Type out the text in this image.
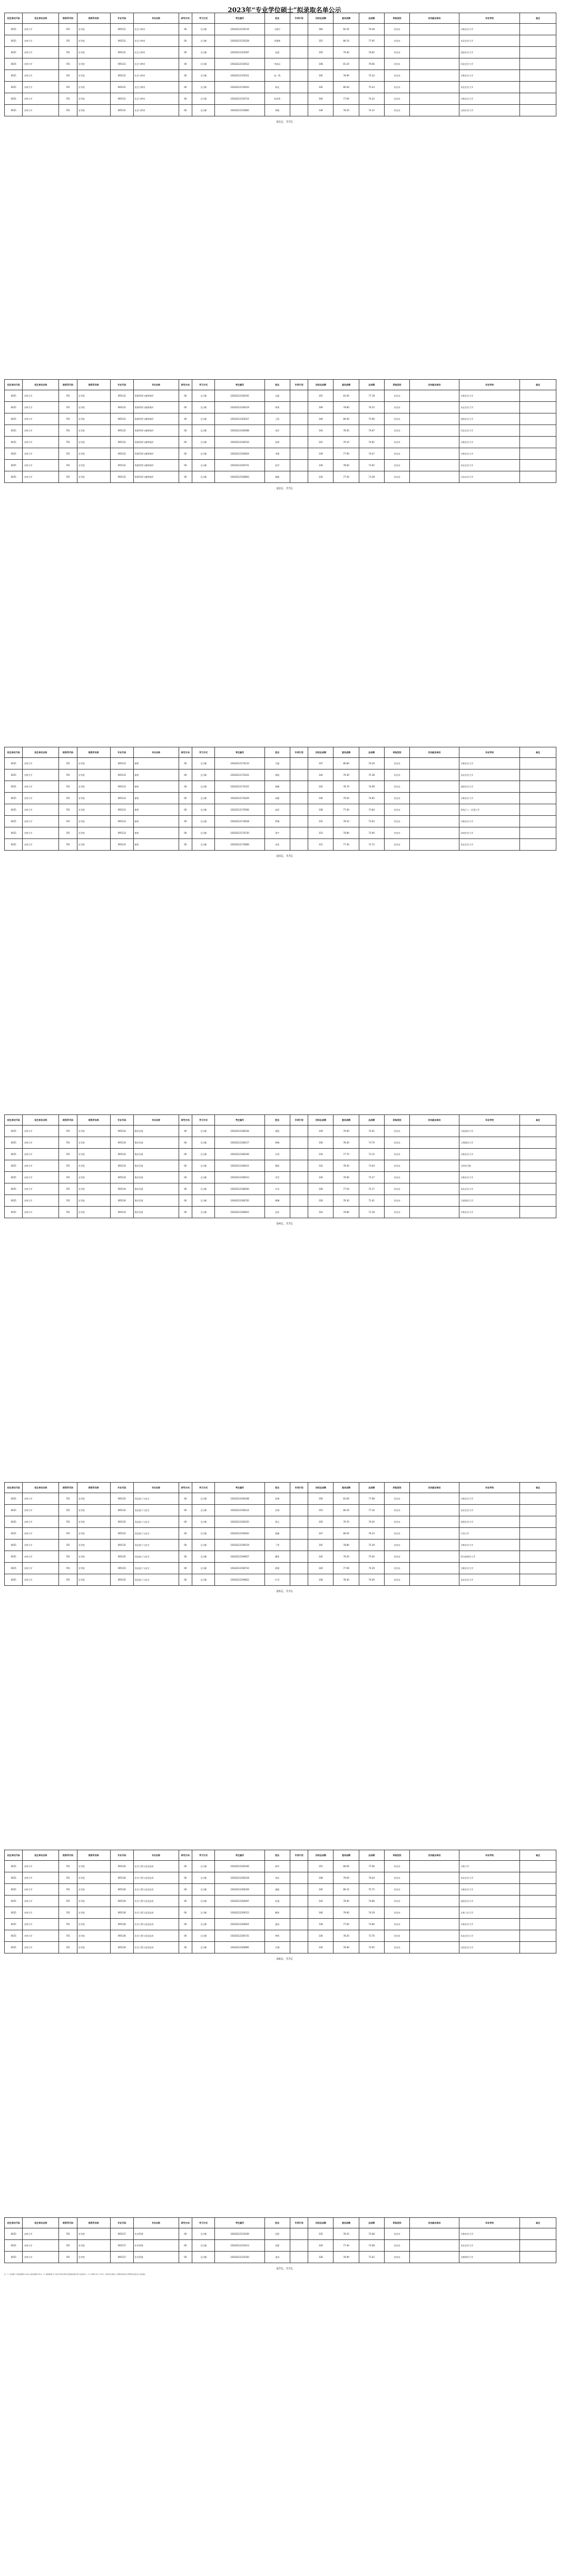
2023年“专业学位硕士”拟录取名单公示
招生单位代码	招生单位名称	院系所代码	院系所名称	专业代码	专业名称	研究方向	学习方式	考生编号	姓名	专项计划	初试总成绩	复试成绩	总成绩	录取类别	定向就业单位	毕业学校	备注
0025	吉林大学	701	农学院	095131	农艺与种业	00	全日制	10183212150116	王晓宇		360	82.50	79.38	非定向		吉林农业大学	
0025	吉林大学	701	农学院	095131	农艺与种业	00	全日制	10183212150228	刘建新		355	80.10	77.95	非定向		东北农业大学	
0025	吉林大学	701	农学院	095131	农艺与种业	00	全日制	10183212150307	张晨		350	79.40	76.82	非定向		沈阳农业大学	
0025	吉林大学	701	农学院	095131	农艺与种业	00	全日制	10183212150412	李思远		348	81.20	76.66	非定向		河北农业大学	
0025	吉林大学	701	农学院	095131	农艺与种业	00	全日制	10183212150521	赵一鸣		345	78.90	75.43	非定向		吉林农业大学	
0025	吉林大学	701	农学院	095131	农艺与种业	00	全日制	10183212150633	陈佳		342	80.00	75.24	非定向		东北农业大学	
0025	吉林大学	701	农学院	095131	农艺与种业	00	全日制	10183212150714	孙浩然		340	77.60	74.32	非定向		吉林农业大学	
0025	吉林大学	701	农学院	095131	农艺与种业	00	全日制	10183212150802	周敏		338	78.20	74.12	非定向		山西农业大学	
第1页，共7页
招生单位代码	招生单位名称	院系所代码	院系所名称	专业代码	专业名称	研究方向	学习方式	考生编号	姓名	专项计划	初试总成绩	复试成绩	总成绩	录取类别	定向就业单位	毕业学校	备注
0025	吉林大学	701	农学院	095132	资源利用与植物保护	00	全日制	10183212160105	吴磊		352	81.00	77.18	非定向		吉林农业大学	
0025	吉林大学	701	农学院	095132	资源利用与植物保护	00	全日制	10183212160219	郑爽		349	79.80	76.25	非定向		东北农业大学	
0025	吉林大学	701	农学院	095132	资源利用与植物保护	00	全日制	10183212160327	王欣		346	80.40	75.96	非定向		沈阳农业大学	
0025	吉林大学	701	农学院	095132	资源利用与植物保护	00	全日制	10183212160408	刘洋		343	78.50	74.87	非定向		河北农业大学	
0025	吉林大学	701	农学院	095132	资源利用与植物保护	00	全日制	10183212160516	张婷		341	79.10	74.81	非定向		吉林农业大学	
0025	吉林大学	701	农学院	095132	资源利用与植物保护	00	全日制	10183212160624	李强		339	77.90	74.07	非定向		吉林农业大学	
0025	吉林大学	701	农学院	095132	资源利用与植物保护	00	全日制	10183212160731	赵雪		336	78.60	73.92	非定向		东北农业大学	
0025	吉林大学	701	农学院	095132	资源利用与植物保护	00	全日制	10183212160803	杨帆		334	77.20	73.28	非定向		山东农业大学	
第2页，共7页
招生单位代码	招生单位名称	院系所代码	院系所名称	专业代码	专业名称	研究方向	学习方式	考生编号	姓名	专项计划	初试总成绩	复试成绩	总成绩	录取类别	定向就业单位	毕业学校	备注
0025	吉林大学	701	农学院	095133	畜牧	00	全日制	10183212170110	马超		347	80.80	76.30	非定向		吉林农业大学	
0025	吉林大学	701	农学院	095133	畜牧	00	全日制	10183212170222	黄丽		344	79.30	75.38	非定向		东北农业大学	
0025	吉林大学	701	农学院	095133	畜牧	00	全日制	10183212170315	林峰		342	78.70	74.96	非定向		沈阳农业大学	
0025	吉林大学	701	农学院	095133	畜牧	00	全日制	10183212170429	何静		340	79.50	74.85	非定向		吉林农业大学	
0025	吉林大学	701	农学院	095133	畜牧	00	全日制	10183212170506	高原		338	77.40	73.84	非定向		黑龙江八一农垦大学	
0025	吉林大学	701	农学院	095133	畜牧	00	全日制	10183212170618	罗娜		335	78.10	73.63	非定向		吉林农业大学	
0025	吉林大学	701	农学院	095133	畜牧	00	全日制	10183212170720	梁宇		333	76.80	72.90	非定向		河南农业大学	
0025	吉林大学	701	农学院	095133	畜牧	00	全日制	10183212170809	宋佳		331	77.30	72.73	非定向		东北农业大学	
第3页，共7页
招生单位代码	招生单位名称	院系所代码	院系所名称	专业代码	专业名称	研究方向	学习方式	考生编号	姓名	专项计划	初试总成绩	复试成绩	总成绩	录取类别	定向就业单位	毕业学校	备注
0025	吉林大学	701	农学院	095134	渔业发展	00	全日制	10183212180104	唐凯		339	79.00	74.41	非定向		大连海洋大学	
0025	吉林大学	701	农学院	095134	渔业发展	00	全日制	10183212180217	韩梅		336	78.40	73.70	非定向		上海海洋大学	
0025	吉林大学	701	农学院	095134	渔业发展	00	全日制	10183212180326	冯涛		334	77.70	73.15	非定向		吉林农业大学	
0025	吉林大学	701	农学院	095134	渔业发展	00	全日制	10183212180411	曹阳		332	78.20	73.04	非定向		天津农学院	
0025	吉林大学	701	农学院	095134	渔业发展	00	全日制	10183212180523	邓雪		330	76.90	72.27	非定向		吉林农业大学	
0025	吉林大学	701	农学院	095134	渔业发展	00	全日制	10183212180630	许亮		328	77.50	72.17	非定向		东北农业大学	
0025	吉林大学	701	农学院	095134	渔业发展	00	全日制	10183212180702	傅琳		326	76.30	71.41	非定向		大连海洋大学	
0025	吉林大学	701	农学院	095134	渔业发展	00	全日制	10183212180815	沈浩		324	76.80	71.28	非定向		吉林农业大学	
第4页，共7页
招生单位代码	招生单位名称	院系所代码	院系所名称	专业代码	专业名称	研究方向	学习方式	考生编号	姓名	专项计划	初试总成绩	复试成绩	总成绩	录取类别	定向就业单位	毕业学校	备注
0025	吉林大学	701	农学院	095135	食品加工与安全	00	全日制	10183212190108	彭博		356	81.60	77.98	非定向		吉林农业大学	
0025	吉林大学	701	农学院	095135	食品加工与安全	00	全日制	10183212190214	苏琪		353	80.20	77.16	非定向		东北农业大学	
0025	吉林大学	701	农学院	095135	食品加工与安全	00	全日制	10183212190325	蒋文		350	79.70	76.40	非定向		沈阳农业大学	
0025	吉林大学	701	农学院	095135	食品加工与安全	00	全日制	10183212190403	贾楠		347	80.50	76.33	非定向		江南大学	
0025	吉林大学	701	农学院	095135	食品加工与安全	00	全日制	10183212190519	丁然		345	78.80	75.39	非定向		吉林农业大学	
0025	吉林大学	701	农学院	095135	食品加工与安全	00	全日制	10183212190627	魏华		342	79.20	75.00	非定向		哈尔滨商业大学	
0025	吉林大学	701	农学院	095135	食品加工与安全	00	全日制	10183212190710	薛敏		340	77.90	74.29	非定向		吉林农业大学	
0025	吉林大学	701	农学院	095135	食品加工与安全	00	全日制	10183212190822	叶青		338	78.30	74.09	非定向		东北农业大学	
第5页，共7页
招生单位代码	招生单位名称	院系所代码	院系所名称	专业代码	专业名称	研究方向	学习方式	考生编号	姓名	专项计划	初试总成绩	复试成绩	总成绩	录取类别	定向就业单位	毕业学校	备注
0025	吉林大学	701	农学院	095136	农业工程与信息技术	00	全日制	10183212200106	阎军		351	80.90	77.06	非定向		吉林大学	
0025	吉林大学	701	农学院	095136	农业工程与信息技术	00	全日制	10183212200218	余洁		348	79.60	76.04	非定向		东北农业大学	
0025	吉林大学	701	农学院	095136	农业工程与信息技术	00	全日制	10183212200329	潘磊		345	80.10	75.75	非定向		吉林农业大学	
0025	吉林大学	701	农学院	095136	农业工程与信息技术	00	全日制	10183212200407	杜娟		343	78.40	74.86	非定向		沈阳农业大学	
0025	吉林大学	701	农学院	095136	农业工程与信息技术	00	全日制	10183212200512	戴伟		340	79.00	74.56	非定向		长春工业大学	
0025	吉林大学	701	农学院	095136	农业工程与信息技术	00	全日制	10183212200624	夏雨		338	77.60	73.80	非定向		吉林农业大学	
0025	吉林大学	701	农学院	095136	农业工程与信息技术	00	全日制	10183212200731	钟鸣		336	78.20	73.70	非定向		东北农业大学	
0025	吉林大学	701	农学院	095136	农业工程与信息技术	00	全日制	10183212200805	汪琳		334	76.90	72.95	非定向		山西农业大学	
第6页，共7页
招生单位代码	招生单位名称	院系所代码	院系所名称	专业代码	专业名称	研究方向	学习方式	考生编号	姓名	专项计划	初试总成绩	复试成绩	总成绩	录取类别	定向就业单位	毕业学校	备注
0025	吉林大学	701	农学院	095137	农业管理	00	全日制	10183212210109	田野		332	78.10	72.68	非定向		吉林农业大学	
0025	吉林大学	701	农学院	095137	农业管理	00	全日制	10183212210213	任静		330	77.40	72.08	非定向		东北农业大学	
0025	吉林大学	701	农学院	095137	农业管理	00	全日制	10183212210320	姜涛		328	76.90	71.63	非定向		吉林财经大学	
第7页，共7页
注：1.“总成绩”=初试成绩/5×50%+复试成绩×50%；2.“录取类别”为“定向”的考生须与定向就业单位签订定向协议；3.公示期为10个工作日，如有异议请在公示期内向吉林大学研究生招生办公室反映。
